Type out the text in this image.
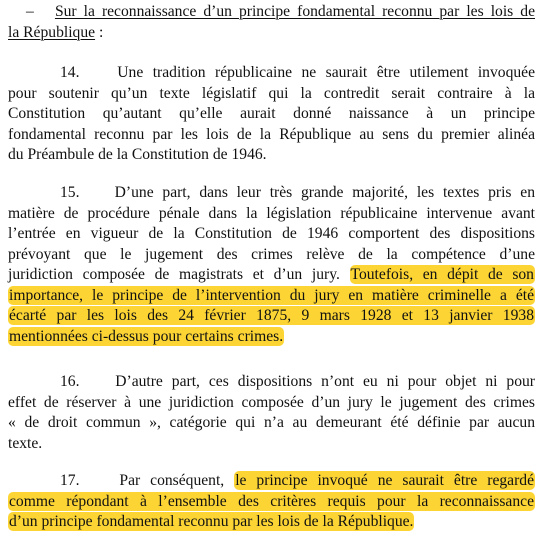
– Sur la reconnaissance d’un principe fondamental reconnu par les lois de
la République :
14. Une tradition républicaine ne saurait être utilement invoquée
pour soutenir qu’un texte législatif qui la contredit serait contraire à la
Constitution qu’autant qu’elle aurait donné naissance à un principe
fondamental reconnu par les lois de la République au sens du premier alinéa
du Préambule de la Constitution de 1946.
15. D’une part, dans leur très grande majorité, les textes pris en
matière de procédure pénale dans la législation républicaine intervenue avant
l’entrée en vigueur de la Constitution de 1946 comportent des dispositions
prévoyant que le jugement des crimes relève de la compétence d’une
juridiction composée de magistrats et d’un jury. Toutefois, en dépit de son
importance, le principe de l’intervention du jury en matière criminelle a été
écarté par les lois des 24 février 1875, 9 mars 1928 et 13 janvier 1938
mentionnées ci-dessus pour certains crimes.
16. D’autre part, ces dispositions n’ont eu ni pour objet ni pour
effet de réserver à une juridiction composée d’un jury le jugement des crimes
« de droit commun », catégorie qui n’a au demeurant été définie par aucun
texte.
17.	Par conséquent, le principe invoqué ne saurait être regardé
comme répondant à l’ensemble des critères requis pour la reconnaissance
d’un principe fondamental reconnu par les lois de la République.
